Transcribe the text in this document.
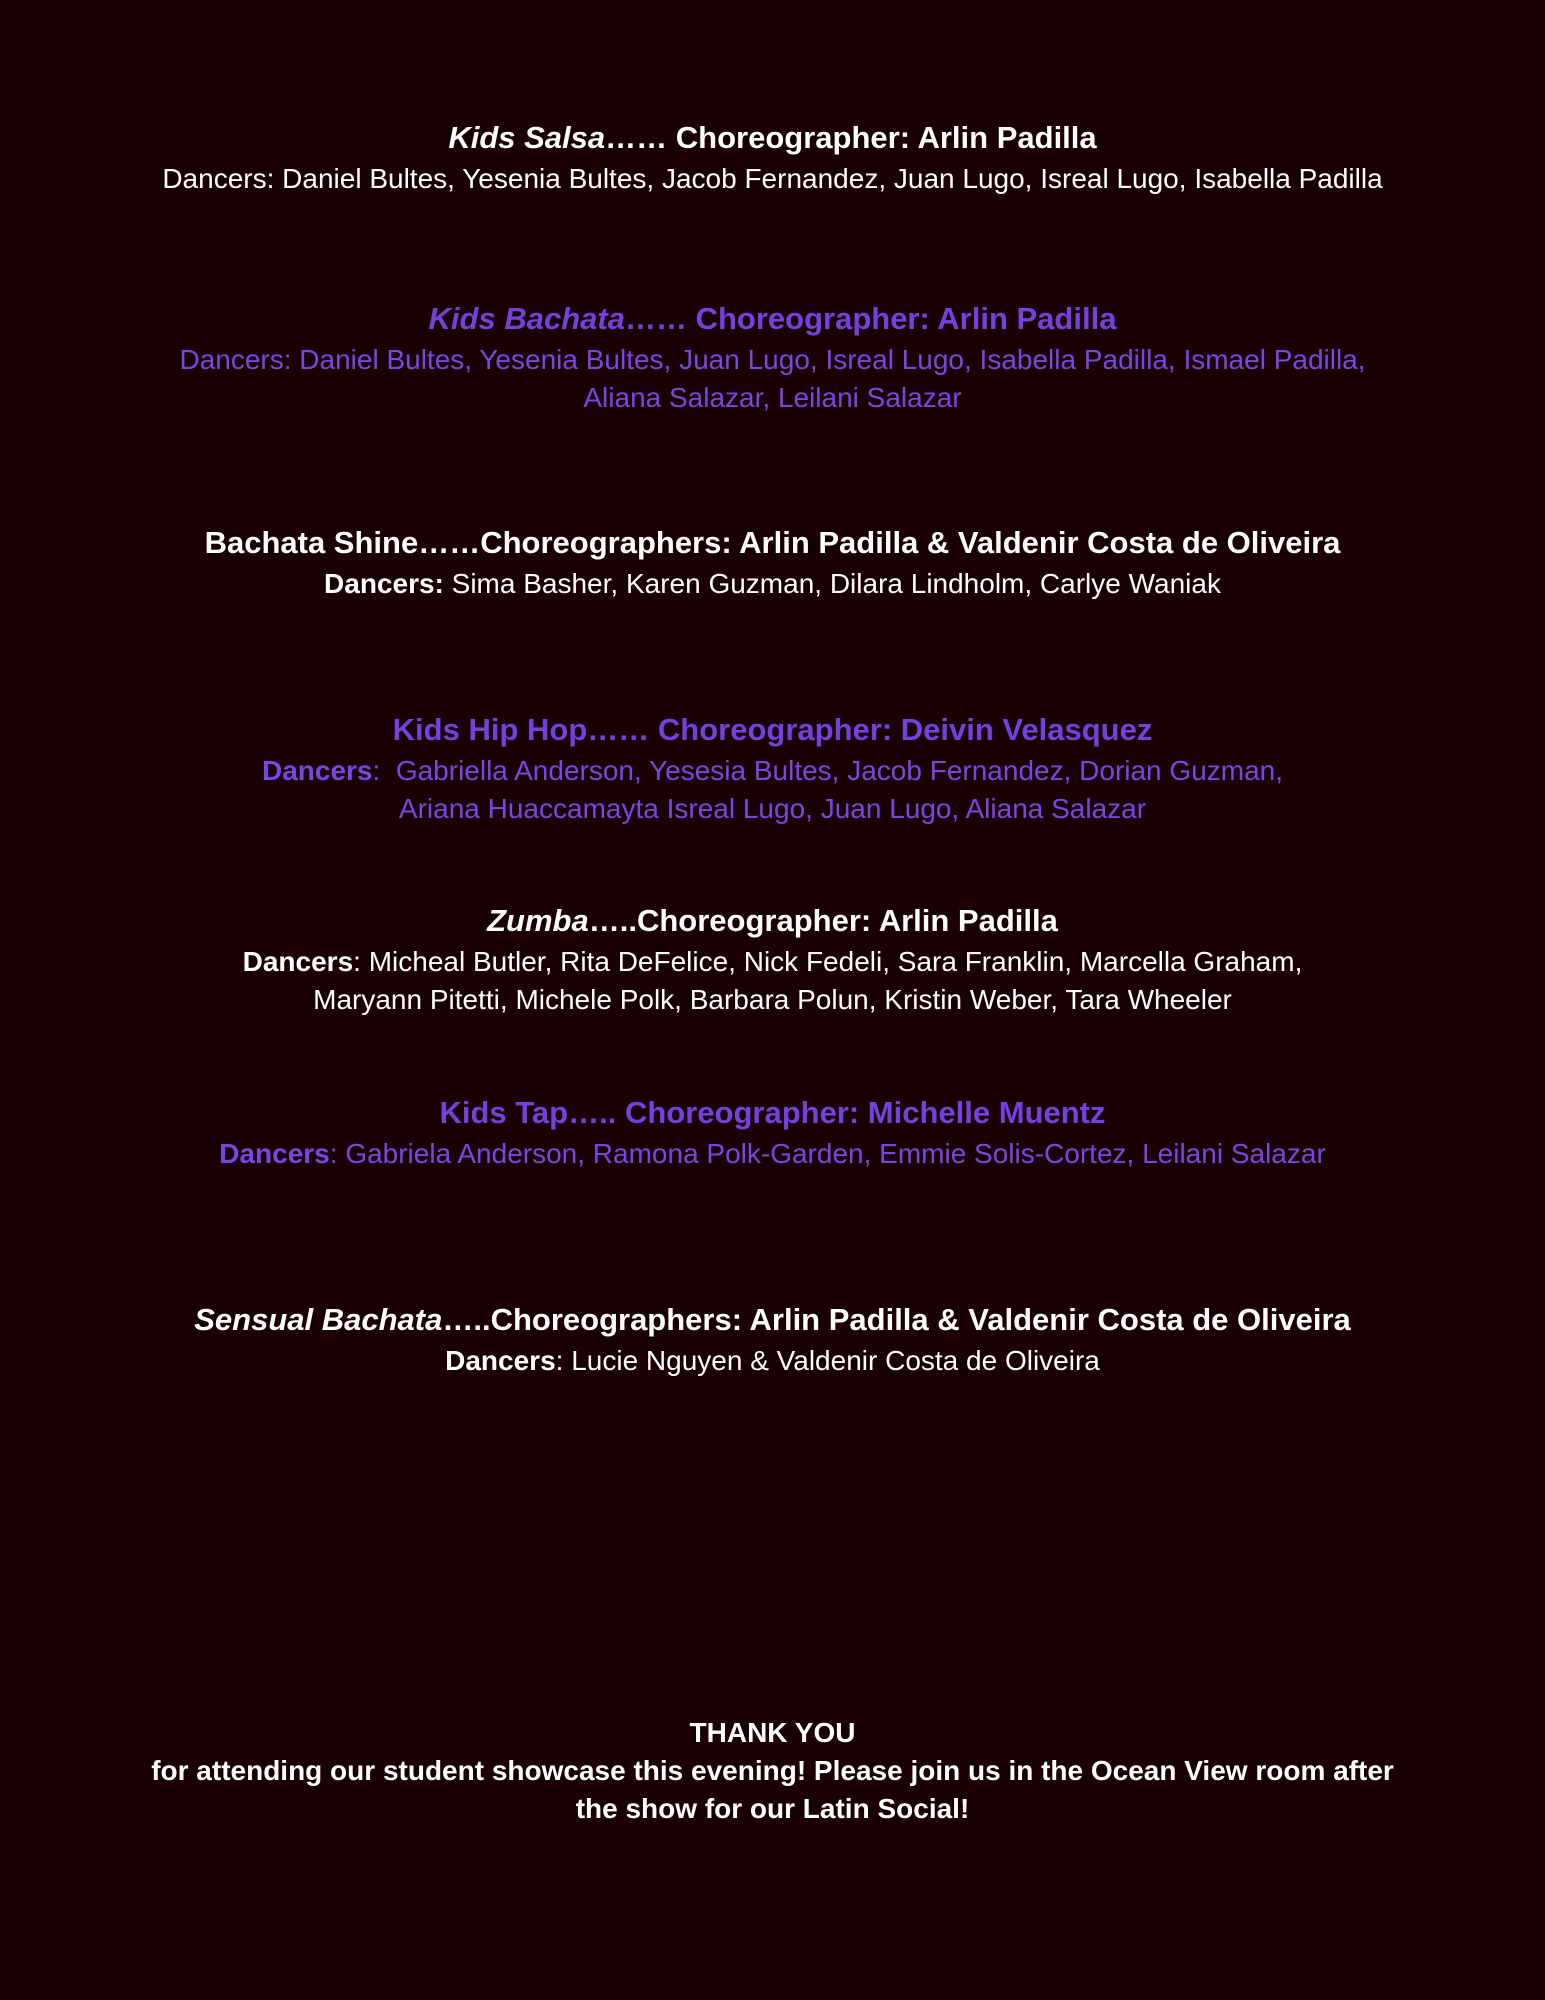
Kids Salsa…… Choreographer: Arlin Padilla
Dancers: Daniel Bultes, Yesenia Bultes, Jacob Fernandez, Juan Lugo, Isreal Lugo, Isabella Padilla
Kids Bachata…… Choreographer: Arlin Padilla
Dancers: Daniel Bultes, Yesenia Bultes, Juan Lugo, Isreal Lugo, Isabella Padilla, Ismael Padilla,
Aliana Salazar, Leilani Salazar
Bachata Shine……Choreographers: Arlin Padilla & Valdenir Costa de Oliveira
Dancers: Sima Basher, Karen Guzman, Dilara Lindholm, Carlye Waniak
Kids Hip Hop…… Choreographer: Deivin Velasquez
Dancers:  Gabriella Anderson, Yesesia Bultes, Jacob Fernandez, Dorian Guzman,
Ariana Huaccamayta Isreal Lugo, Juan Lugo, Aliana Salazar
Zumba…..Choreographer: Arlin Padilla
Dancers: Micheal Butler, Rita DeFelice, Nick Fedeli, Sara Franklin, Marcella Graham,
Maryann Pitetti, Michele Polk, Barbara Polun, Kristin Weber, Tara Wheeler
Kids Tap….. Choreographer: Michelle Muentz
Dancers: Gabriela Anderson, Ramona Polk-Garden, Emmie Solis-Cortez, Leilani Salazar
Sensual Bachata…..Choreographers: Arlin Padilla & Valdenir Costa de Oliveira
Dancers: Lucie Nguyen & Valdenir Costa de Oliveira
THANK YOU
for attending our student showcase this evening! Please join us in the Ocean View room after
the show for our Latin Social!
